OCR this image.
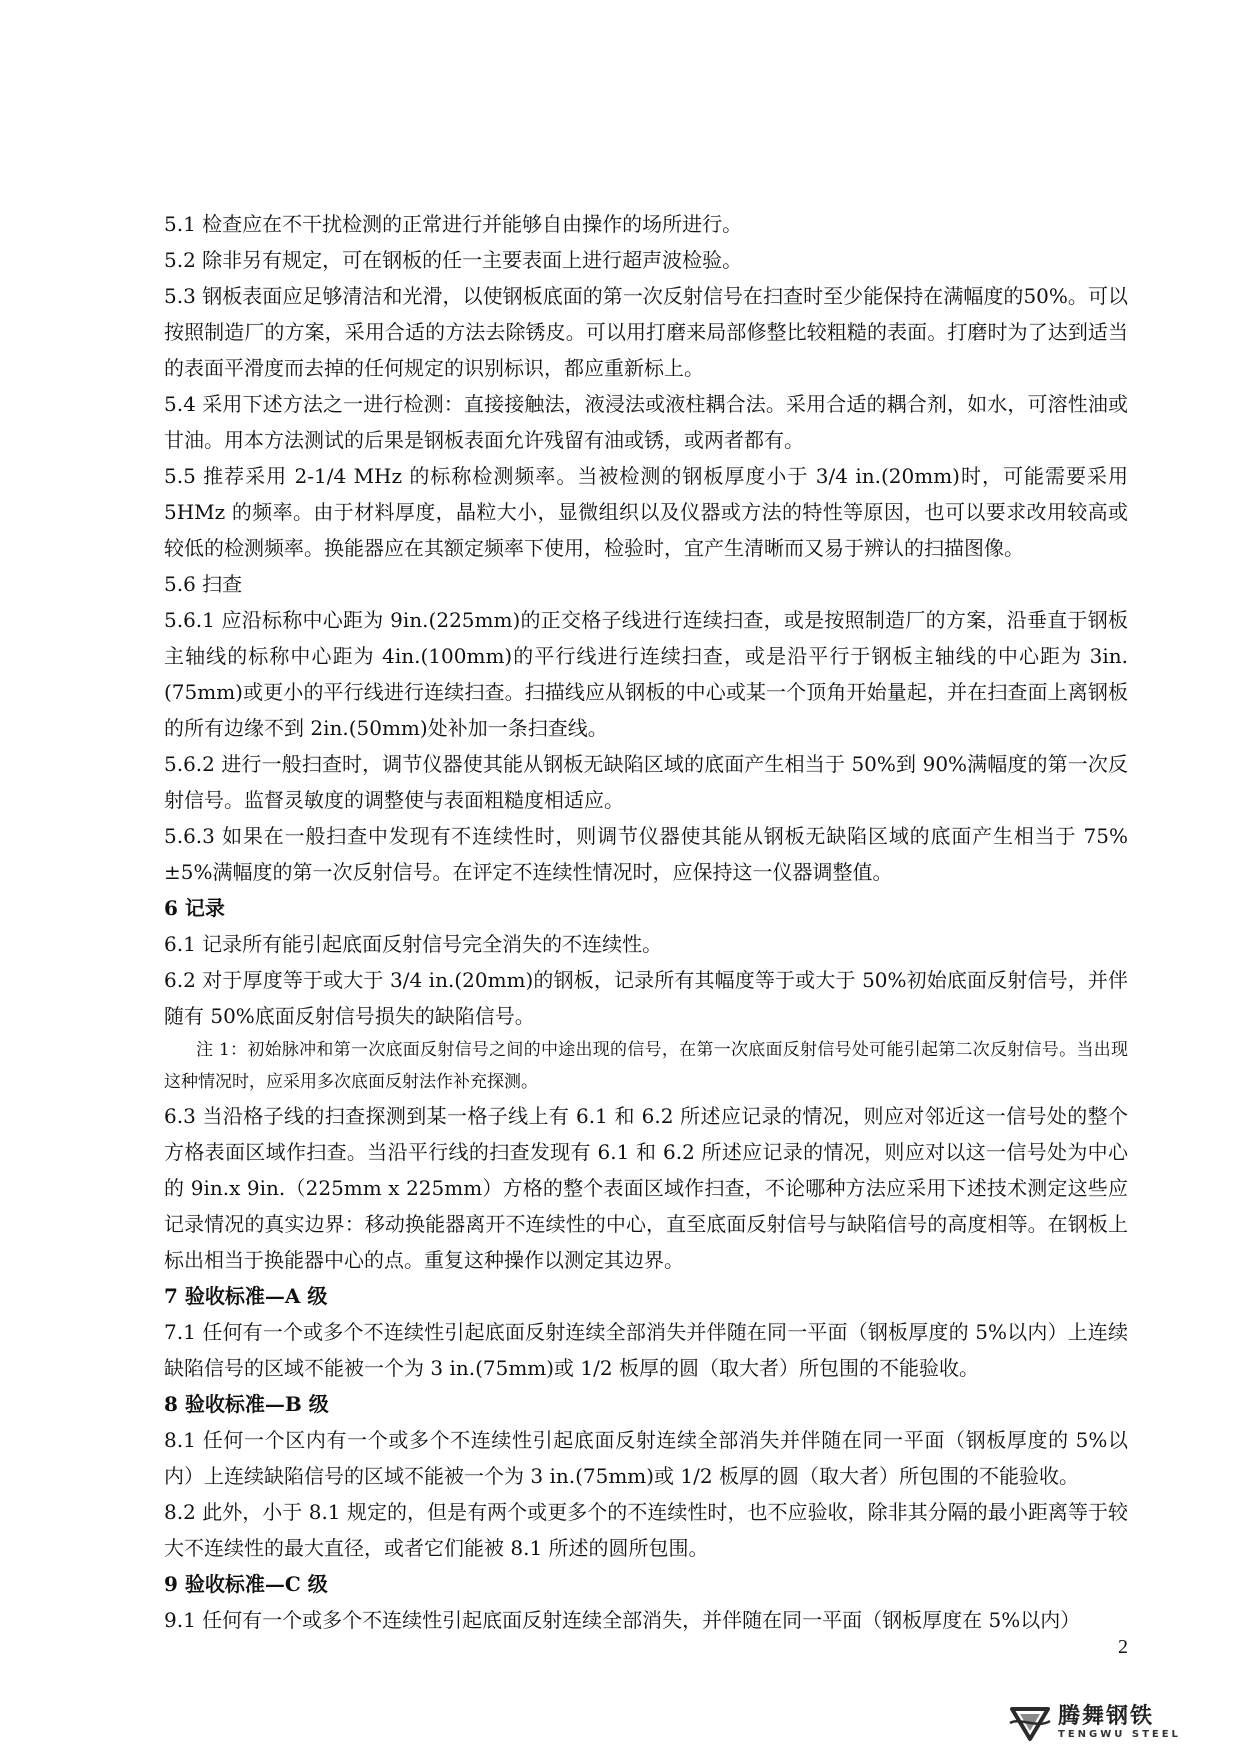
5.1 检查应在不干扰检测的正常进行并能够自由操作的场所进行。

5.2 除非另有规定，可在钢板的任一主要表面上进行超声波检验。

5.3 钢板表面应足够清洁和光滑，以使钢板底面的第一次反射信号在扫查时至少能保持在满幅度的50%。可以按照制造厂的方案，采用合适的方法去除锈皮。可以用打磨来局部修整比较粗糙的表面。打磨时为了达到适当的表面平滑度而去掉的任何规定的识别标识，都应重新标上。

5.4 采用下述方法之一进行检测：直接接触法，液浸法或液柱耦合法。采用合适的耦合剂，如水，可溶性油或甘油。用本方法测试的后果是钢板表面允许残留有油或锈，或两者都有。

5.5 推荐采用 2-1/4 MHz 的标称检测频率。当被检测的钢板厚度小于 3/4 in.(20mm)时，可能需要采用 5HMz 的频率。由于材料厚度，晶粒大小，显微组织以及仪器或方法的特性等原因，也可以要求改用较高或较低的检测频率。换能器应在其额定频率下使用，检验时，宜产生清晰而又易于辨认的扫描图像。

5.6 扫查

5.6.1 应沿标称中心距为 9in.(225mm)的正交格子线进行连续扫查，或是按照制造厂的方案，沿垂直于钢板主轴线的标称中心距为 4in.(100mm)的平行线进行连续扫查，或是沿平行于钢板主轴线的中心距为 3in.(75mm)或更小的平行线进行连续扫查。扫描线应从钢板的中心或某一个顶角开始量起，并在扫查面上离钢板的所有边缘不到 2in.(50mm)处补加一条扫查线。

5.6.2 进行一般扫查时，调节仪器使其能从钢板无缺陷区域的底面产生相当于 50%到 90%满幅度的第一次反射信号。监督灵敏度的调整使与表面粗糙度相适应。

5.6.3 如果在一般扫查中发现有不连续性时，则调节仪器使其能从钢板无缺陷区域的底面产生相当于 75%±5%满幅度的第一次反射信号。在评定不连续性情况时，应保持这一仪器调整值。

6 记录

6.1 记录所有能引起底面反射信号完全消失的不连续性。

6.2 对于厚度等于或大于 3/4 in.(20mm)的钢板，记录所有其幅度等于或大于 50%初始底面反射信号，并伴随有 50%底面反射信号损失的缺陷信号。

注 1：初始脉冲和第一次底面反射信号之间的中途出现的信号，在第一次底面反射信号处可能引起第二次反射信号。当出现这种情况时，应采用多次底面反射法作补充探测。

6.3 当沿格子线的扫查探测到某一格子线上有 6.1 和 6.2 所述应记录的情况，则应对邻近这一信号处的整个方格表面区域作扫查。当沿平行线的扫查发现有 6.1 和 6.2 所述应记录的情况，则应对以这一信号处为中心的 9in.x 9in.（225mm x 225mm）方格的整个表面区域作扫查，不论哪种方法应采用下述技术测定这些应记录情况的真实边界：移动换能器离开不连续性的中心，直至底面反射信号与缺陷信号的高度相等。在钢板上标出相当于换能器中心的点。重复这种操作以测定其边界。

7 验收标准—A 级

7.1 任何有一个或多个不连续性引起底面反射连续全部消失并伴随在同一平面（钢板厚度的 5%以内）上连续缺陷信号的区域不能被一个为 3 in.(75mm)或 1/2 板厚的圆（取大者）所包围的不能验收。

8 验收标准—B 级

8.1 任何一个区内有一个或多个不连续性引起底面反射连续全部消失并伴随在同一平面（钢板厚度的 5%以内）上连续缺陷信号的区域不能被一个为 3 in.(75mm)或 1/2 板厚的圆（取大者）所包围的不能验收。

8.2 此外，小于 8.1 规定的，但是有两个或更多个的不连续性时，也不应验收，除非其分隔的最小距离等于较大不连续性的最大直径，或者它们能被 8.1 所述的圆所包围。

9 验收标准—C 级

9.1 任何有一个或多个不连续性引起底面反射连续全部消失，并伴随在同一平面（钢板厚度在 5%以内）

2
腾舞钢铁
TENGWU STEEL
